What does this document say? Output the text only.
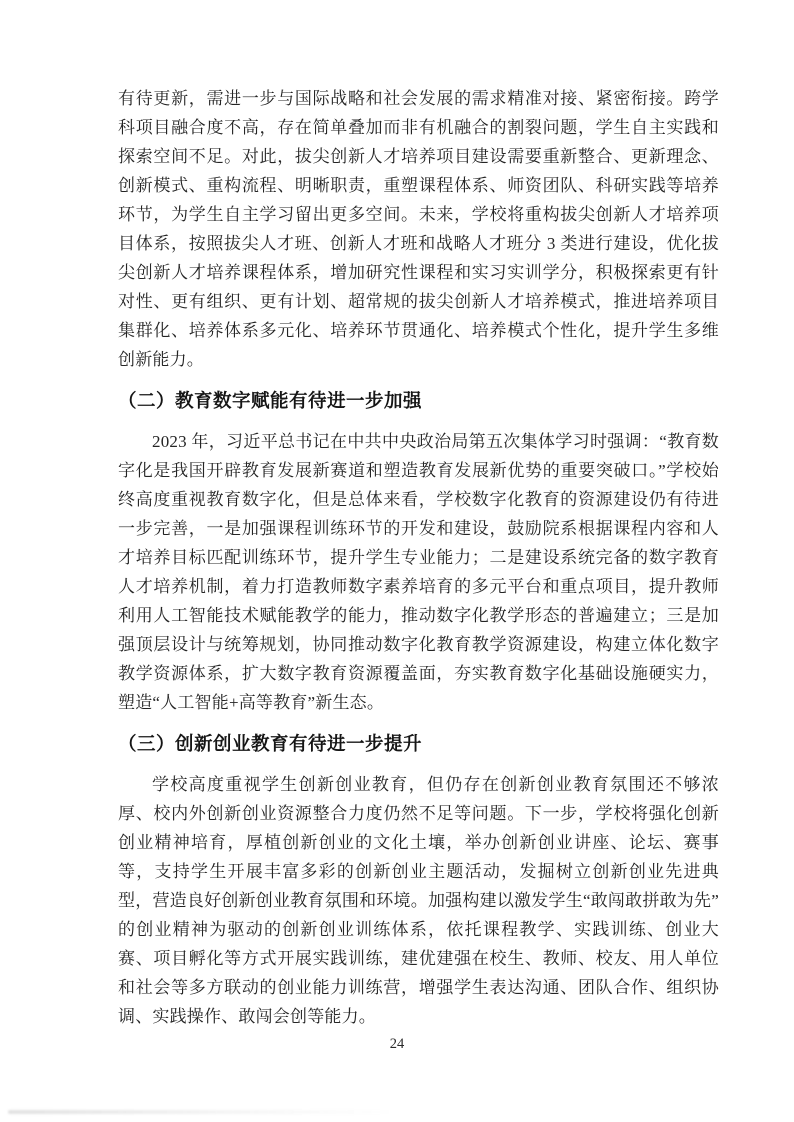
有待更新，需进一步与国际战略和社会发展的需求精准对接、紧密衔接。跨学科项目融合度不高，存在简单叠加而非有机融合的割裂问题，学生自主实践和探索空间不足。对此，拔尖创新人才培养项目建设需要重新整合、更新理念、创新模式、重构流程、明晰职责，重塑课程体系、师资团队、科研实践等培养环节，为学生自主学习留出更多空间。未来，学校将重构拔尖创新人才培养项目体系，按照拔尖人才班、创新人才班和战略人才班分 3 类进行建设，优化拔尖创新人才培养课程体系，增加研究性课程和实习实训学分，积极探索更有针对性、更有组织、更有计划、超常规的拔尖创新人才培养模式，推进培养项目集群化、培养体系多元化、培养环节贯通化、培养模式个性化，提升学生多维创新能力。

（二）教育数字赋能有待进一步加强

2023 年，习近平总书记在中共中央政治局第五次集体学习时强调：“教育数字化是我国开辟教育发展新赛道和塑造教育发展新优势的重要突破口。”学校始终高度重视教育数字化，但是总体来看，学校数字化教育的资源建设仍有待进一步完善，一是加强课程训练环节的开发和建设，鼓励院系根据课程内容和人才培养目标匹配训练环节，提升学生专业能力；二是建设系统完备的数字教育人才培养机制，着力打造教师数字素养培育的多元平台和重点项目，提升教师利用人工智能技术赋能教学的能力，推动数字化教学形态的普遍建立；三是加强顶层设计与统筹规划，协同推动数字化教育教学资源建设，构建立体化数字教学资源体系，扩大数字教育资源覆盖面，夯实教育数字化基础设施硬实力，塑造“人工智能+高等教育”新生态。

（三）创新创业教育有待进一步提升

学校高度重视学生创新创业教育，但仍存在创新创业教育氛围还不够浓厚、校内外创新创业资源整合力度仍然不足等问题。下一步，学校将强化创新创业精神培育，厚植创新创业的文化土壤，举办创新创业讲座、论坛、赛事等，支持学生开展丰富多彩的创新创业主题活动，发掘树立创新创业先进典型，营造良好创新创业教育氛围和环境。加强构建以激发学生“敢闯敢拼敢为先”的创业精神为驱动的创新创业训练体系，依托课程教学、实践训练、创业大赛、项目孵化等方式开展实践训练，建优建强在校生、教师、校友、用人单位和社会等多方联动的创业能力训练营，增强学生表达沟通、团队合作、组织协调、实践操作、敢闯会创等能力。

24
